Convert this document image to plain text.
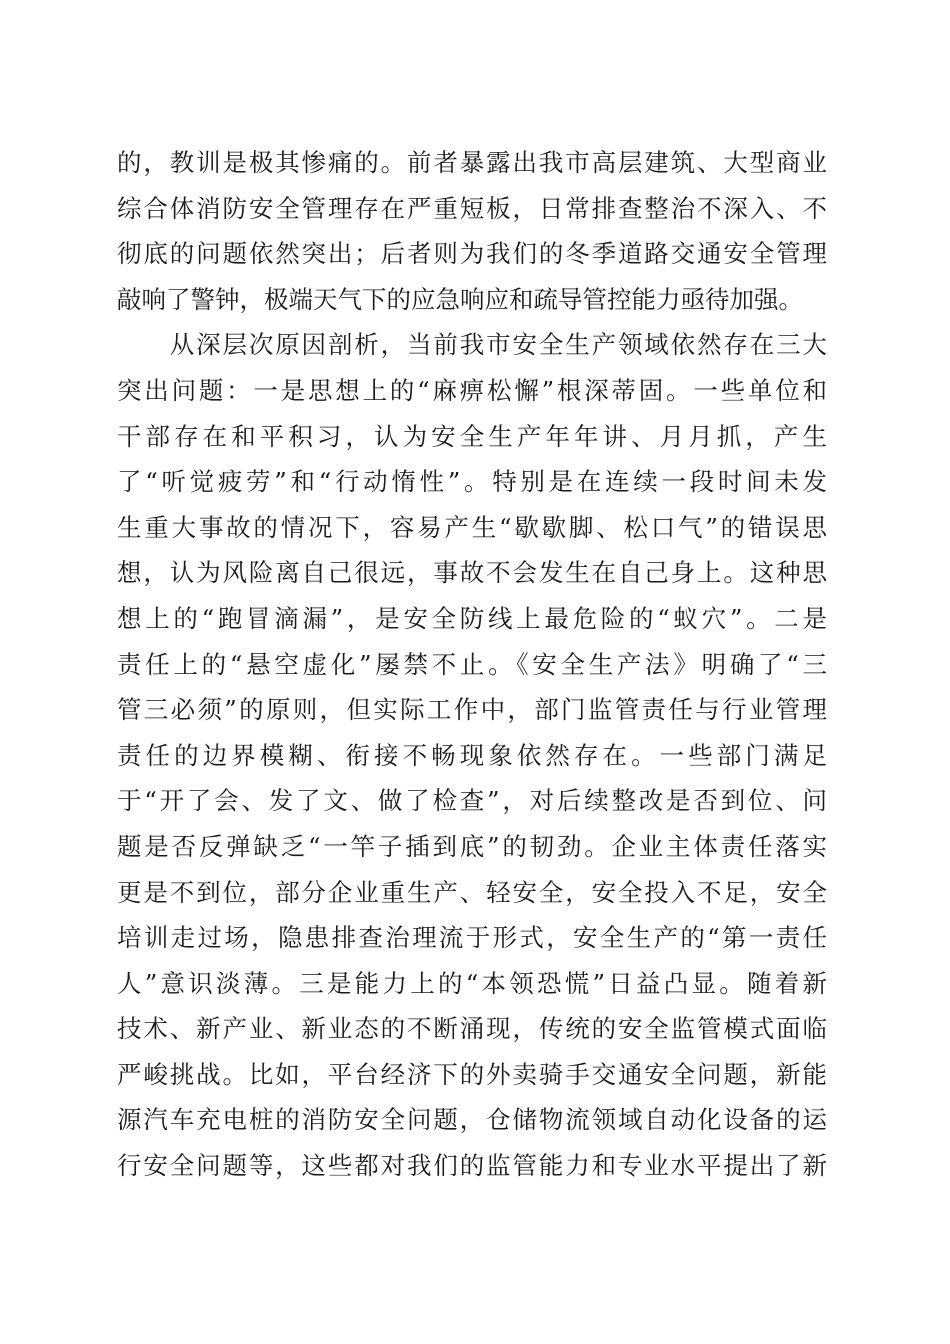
的，教训是极其惨痛的。前者暴露出我市高层建筑、大型商业
综合体消防安全管理存在严重短板，日常排查整治不深入、不
彻底的问题依然突出；后者则为我们的冬季道路交通安全管理
敲响了警钟，极端天气下的应急响应和疏导管控能力亟待加强。
　　从深层次原因剖析，当前我市安全生产领域依然存在三大
突出问题：一是思想上的“麻痹松懈”根深蒂固。一些单位和
干部存在和平积习，认为安全生产年年讲、月月抓，产生
了“听觉疲劳”和“行动惰性”。特别是在连续一段时间未发
生重大事故的情况下，容易产生“歇歇脚、松口气”的错误思
想，认为风险离自己很远，事故不会发生在自己身上。这种思
想上的“跑冒滴漏”，是安全防线上最危险的“蚁穴”。二是
责任上的“悬空虚化”屡禁不止。《安全生产法》明确了“三
管三必须”的原则，但实际工作中，部门监管责任与行业管理
责任的边界模糊、衔接不畅现象依然存在。一些部门满足
于“开了会、发了文、做了检查”，对后续整改是否到位、问
题是否反弹缺乏“一竿子插到底”的韧劲。企业主体责任落实
更是不到位，部分企业重生产、轻安全，安全投入不足，安全
培训走过场，隐患排查治理流于形式，安全生产的“第一责任
人”意识淡薄。三是能力上的“本领恐慌”日益凸显。随着新
技术、新产业、新业态的不断涌现，传统的安全监管模式面临
严峻挑战。比如，平台经济下的外卖骑手交通安全问题，新能
源汽车充电桩的消防安全问题，仓储物流领域自动化设备的运
行安全问题等，这些都对我们的监管能力和专业水平提出了新
